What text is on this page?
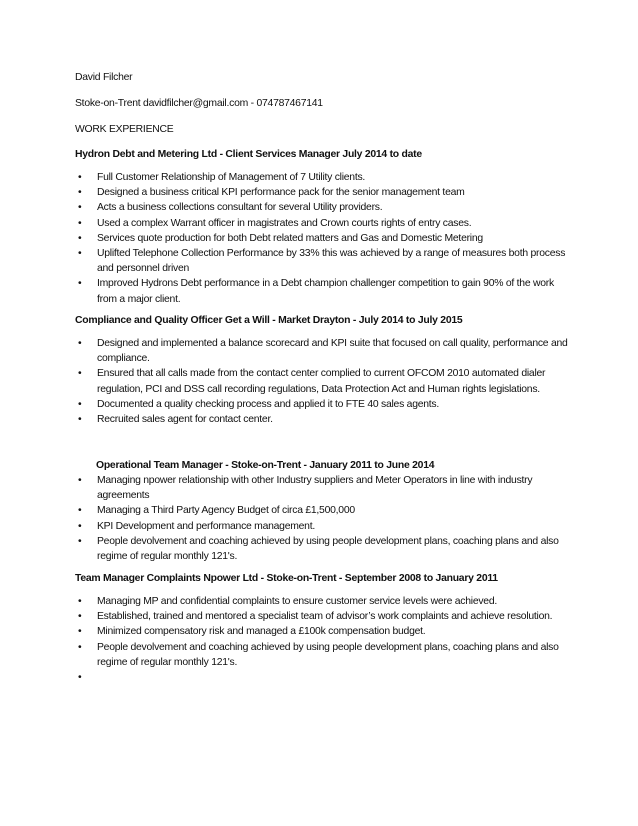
David Filcher
Stoke-on-Trent davidfilcher@gmail.com - 074787467141
WORK EXPERIENCE
Hydron Debt and Metering Ltd - Client Services Manager July 2014 to date
• Full Customer Relationship of Management of 7 Utility clients.
• Designed a business critical KPI performance pack for the senior management team
• Acts a business collections consultant for several Utility providers.
• Used a complex Warrant officer in magistrates and Crown courts rights of entry cases.
• Services quote production for both Debt related matters and Gas and Domestic Metering
• Uplifted Telephone Collection Performance by 33% this was achieved by a range of measures both process and personnel driven
• Improved Hydrons Debt performance in a Debt champion challenger competition to gain 90% of the work from a major client.
Compliance and Quality Officer Get a Will - Market Drayton - July 2014 to July 2015
• Designed and implemented a balance scorecard and KPI suite that focused on call quality, performance and compliance.
• Ensured that all calls made from the contact center complied to current OFCOM 2010 automated dialer regulation, PCI and DSS call recording regulations, Data Protection Act and Human rights legislations.
• Documented a quality checking process and applied it to FTE 40 sales agents.
• Recruited sales agent for contact center.
Operational Team Manager - Stoke-on-Trent - January 2011 to June 2014
• Managing npower relationship with other Industry suppliers and Meter Operators in line with industry agreements
• Managing a Third Party Agency Budget of circa £1,500,000
• KPI Development and performance management.
• People devolvement and coaching achieved by using people development plans, coaching plans and also regime of regular monthly 121's.
Team Manager Complaints Npower Ltd - Stoke-on-Trent - September 2008 to January 2011
• Managing MP and confidential complaints to ensure customer service levels were achieved.
• Established, trained and mentored a specialist team of advisor’s work complaints and achieve resolution.
• Minimized compensatory risk and managed a £100k compensation budget.
• People devolvement and coaching achieved by using people development plans, coaching plans and also regime of regular monthly 121's.
•
